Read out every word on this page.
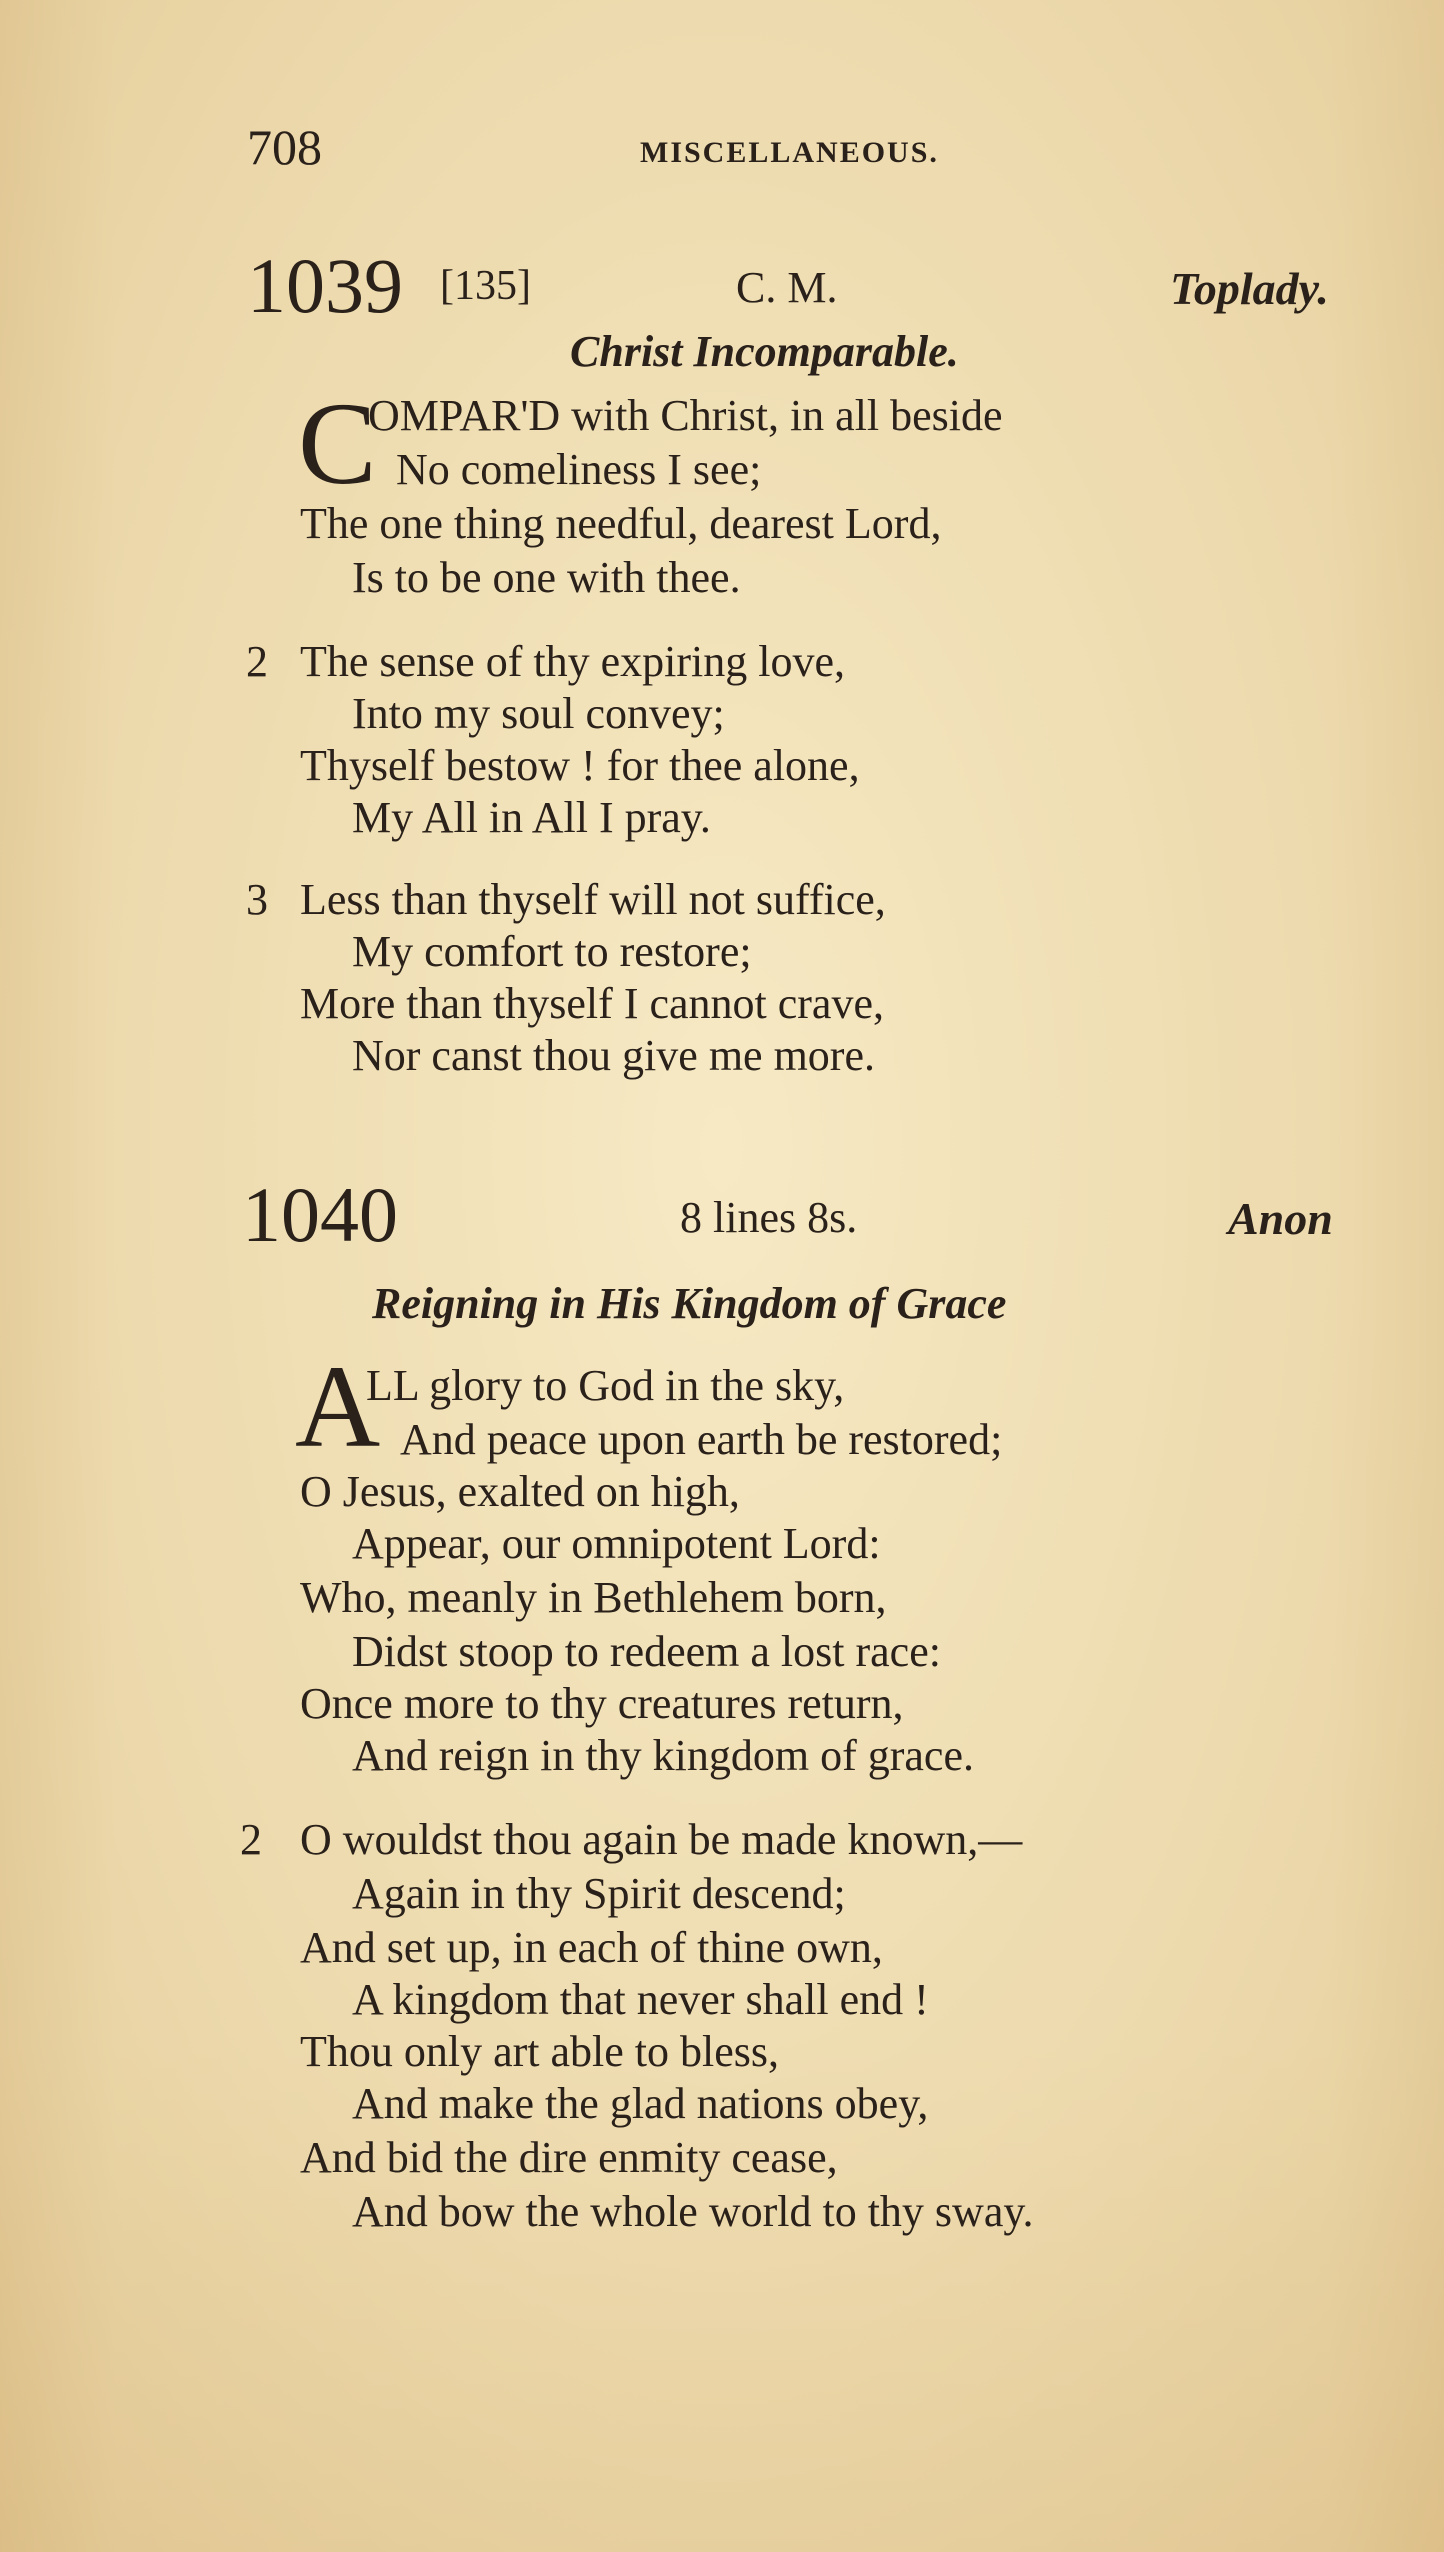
708	MISCELLANEOUS.
1039 [135]	C. M.	Toplady.
Christ Incomparable.
C
OMPAR'D with Christ, in all beside
No comeliness I see;
The one thing needful, dearest Lord,
Is to be one with thee.
2 The sense of thy expiring love,
Into my soul convey;
Thyself bestow ! for thee alone,
My All in All I pray.
3 Less than thyself will not suffice,
My comfort to restore;
More than thyself I cannot crave,
Nor canst thou give me more.
1040	8 lines 8s.	Anon
Reigning in His Kingdom of Grace
A
LL glory to God in the sky,
And peace upon earth be restored;
O Jesus, exalted on high,
Appear, our omnipotent Lord:
Who, meanly in Bethlehem born,
Didst stoop to redeem a lost race:
Once more to thy creatures return,
And reign in thy kingdom of grace.
2 O wouldst thou again be made known,—
Again in thy Spirit descend;
And set up, in each of thine own,
A kingdom that never shall end !
Thou only art able to bless,
And make the glad nations obey,
And bid the dire enmity cease,
And bow the whole world to thy sway.
